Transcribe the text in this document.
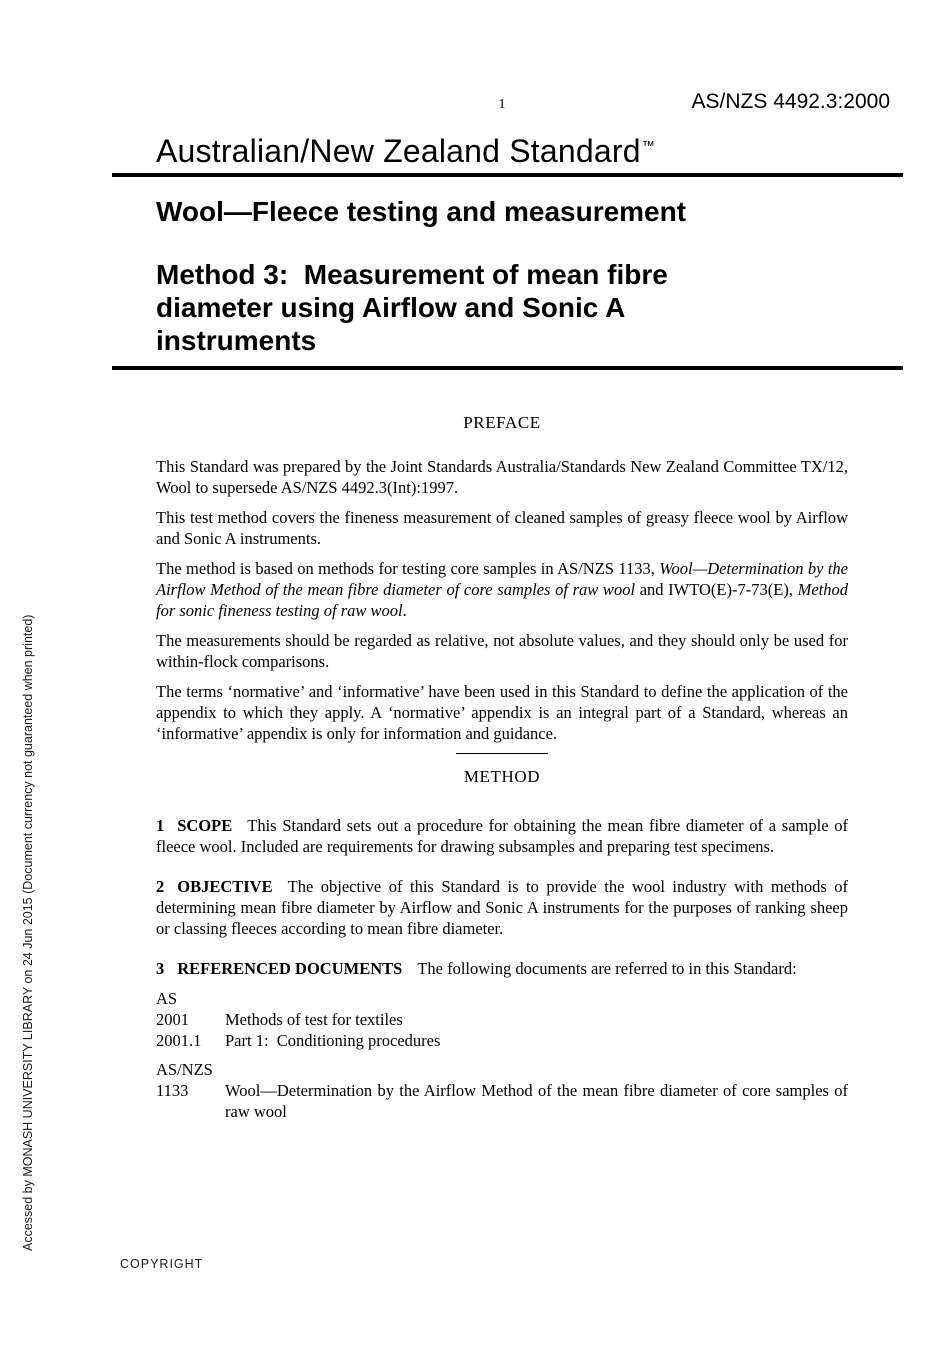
Accessed by MONASH UNIVERSITY LIBRARY on 24 Jun 2015 (Document currency not guaranteed when printed)
1	AS/NZS 4492.3:2000
Australian/New Zealand Standard™
Wool—Fleece testing and measurement
Method 3:  Measurement of mean fibre diameter using Airflow and Sonic A instruments

PREFACE

This Standard was prepared by the Joint Standards Australia/Standards New Zealand Committee TX/12, Wool to supersede AS/NZS 4492.3(Int):1997.

This test method covers the fineness measurement of cleaned samples of greasy fleece wool by Airflow and Sonic A instruments.

The method is based on methods for testing core samples in AS/NZS 1133, Wool—Determination by the Airflow Method of the mean fibre diameter of core samples of raw wool and IWTO(E)-7-73(E), Method for sonic fineness testing of raw wool.

The measurements should be regarded as relative, not absolute values, and they should only be used for within-flock comparisons.

The terms ‘normative’ and ‘informative’ have been used in this Standard to define the application of the appendix to which they apply. A ‘normative’ appendix is an integral part of a Standard, whereas an ‘informative’ appendix is only for information and guidance.

METHOD

1 SCOPE This Standard sets out a procedure for obtaining the mean fibre diameter of a sample of fleece wool. Included are requirements for drawing subsamples and preparing test specimens.

2 OBJECTIVE The objective of this Standard is to provide the wool industry with methods of determining mean fibre diameter by Airflow and Sonic A instruments for the purposes of ranking sheep or classing fleeces according to mean fibre diameter.

3 REFERENCED DOCUMENTS The following documents are referred to in this Standard:

AS
2001	Methods of test for textiles
2001.1	Part 1:  Conditioning procedures
AS/NZS
1133	Wool—Determination by the Airflow Method of the mean fibre diameter of core samples of raw wool
COPYRIGHT
